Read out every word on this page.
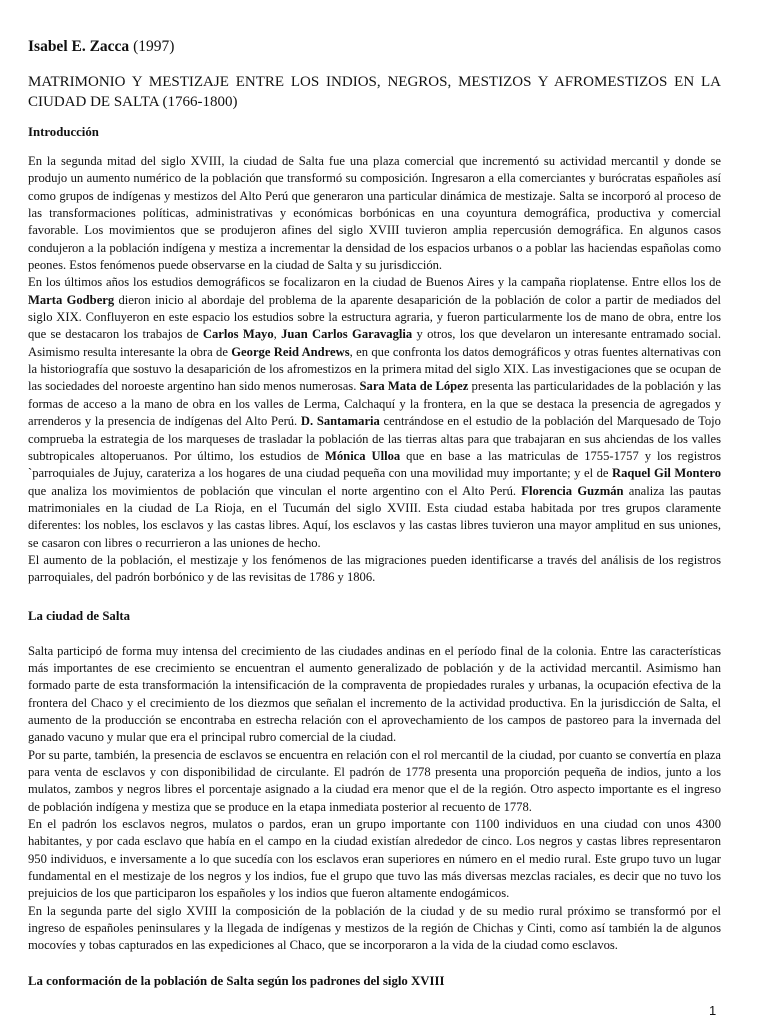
Isabel E. Zacca (1997)
MATRIMONIO Y MESTIZAJE ENTRE LOS INDIOS, NEGROS, MESTIZOS Y AFROMESTIZOS EN LA CIUDAD DE SALTA (1766-1800)
Introducción

En la segunda mitad del siglo XVIII, la ciudad de Salta fue una plaza comercial que incrementó su actividad mercantil y donde se produjo un aumento numérico de la población que transformó su composición. Ingresaron a ella comerciantes y burócratas españoles así como grupos de indígenas y mestizos del Alto Perú que generaron una particular dinámica de mestizaje. Salta se incorporó al proceso de las transformaciones políticas, administrativas y económicas borbónicas en una coyuntura demográfica, productiva y comercial favorable. Los movimientos que se produjeron afines del siglo XVIII tuvieron amplia repercusión demográfica. En algunos casos condujeron a la población indígena y mestiza a incrementar la densidad de los espacios urbanos o a poblar las haciendas españolas como peones. Estos fenómenos puede observarse en la ciudad de Salta y su jurisdicción.

En los últimos años los estudios demográficos se focalizaron en la ciudad de Buenos Aires y la campaña rioplatense. Entre ellos los de Marta Godberg dieron inicio al abordaje del problema de la aparente desaparición de la población de color a partir de mediados del siglo XIX. Confluyeron en este espacio los estudios sobre la estructura agraria, y fueron particularmente los de mano de obra, entre los que se destacaron los trabajos de Carlos Mayo, Juan Carlos Garavaglia y otros, los que develaron un interesante entramado social. Asimismo resulta interesante la obra de George Reid Andrews, en que confronta los datos demográficos y otras fuentes alternativas con la historiografía que sostuvo la desaparición de los afromestizos en la primera mitad del siglo XIX. Las investigaciones que se ocupan de las sociedades del noroeste argentino han sido menos numerosas. Sara Mata de López presenta las particularidades de la población y las formas de acceso a la mano de obra en los valles de Lerma, Calchaquí y la frontera, en la que se destaca la presencia de agregados y arrenderos y la presencia de indígenas del Alto Perú. D. Santamaria centrándose en el estudio de la población del Marquesado de Tojo comprueba la estrategia de los marqueses de trasladar la población de las tierras altas para que trabajaran en sus ahciendas de los valles subtropicales altoperuanos. Por último, los estudios de Mónica Ulloa que en base a las matriculas de 1755-1757 y los registros `parroquiales de Jujuy, carateriza a los hogares de una ciudad pequeña con una movilidad muy importante; y el de Raquel Gil Montero que analiza los movimientos de población que vinculan el norte argentino con el Alto Perú. Florencia Guzmán analiza las pautas matrimoniales en la ciudad de La Rioja, en el Tucumán del siglo XVIII. Esta ciudad estaba habitada por tres grupos claramente diferentes: los nobles, los esclavos y las castas libres. Aquí, los esclavos y las castas libres tuvieron una mayor amplitud en sus uniones, se casaron con libres o recurrieron a las uniones de hecho.

El aumento de la población, el mestizaje y los fenómenos de las migraciones pueden identificarse a través del análisis de los registros parroquiales, del padrón borbónico y de las revisitas de 1786 y 1806.

La ciudad de Salta

Salta participó de forma muy intensa del crecimiento de las ciudades andinas en el período final de la colonia. Entre las características más importantes de ese crecimiento se encuentran el aumento generalizado de población y de la actividad mercantil. Asimismo han formado parte de esta transformación la intensificación de la compraventa de propiedades rurales y urbanas, la ocupación efectiva de la frontera del Chaco y el crecimiento de los diezmos que señalan el incremento de la actividad productiva. En la jurisdicción de Salta, el aumento de la producción se encontraba en estrecha relación con el aprovechamiento de los campos de pastoreo para la invernada del ganado vacuno y mular que era el principal rubro comercial de la ciudad.

Por su parte, también, la presencia de esclavos se encuentra en relación con el rol mercantil de la ciudad, por cuanto se convertía en plaza para venta de esclavos y con disponibilidad de circulante. El padrón de 1778 presenta una proporción pequeña de indios, junto a los mulatos, zambos y negros libres el porcentaje asignado a la ciudad era menor que el de la región. Otro aspecto importante es el ingreso de población indígena y mestiza que se produce en la etapa inmediata posterior al recuento de 1778.

En el padrón los esclavos negros, mulatos o pardos, eran un grupo importante con 1100 individuos en una ciudad con unos 4300 habitantes, y por cada esclavo que había en el campo en la ciudad existían alrededor de cinco. Los negros y castas libres representaron 950 individuos, e inversamente a lo que sucedía con los esclavos eran superiores en número en el medio rural. Este grupo tuvo un lugar fundamental en el mestizaje de los negros y los indios, fue el grupo que tuvo las más diversas mezclas raciales, es decir que no tuvo los prejuicios de los que participaron los españoles y los indios que fueron altamente endogámicos.

En la segunda parte del siglo XVIII la composición de la población de la ciudad y de su medio rural próximo se transformó por el ingreso de españoles peninsulares y la llegada de indígenas y mestizos de la región de Chichas y Cinti, como así también la de algunos mocovíes y tobas capturados en las expediciones al Chaco, que se incorporaron a la vida de la ciudad como esclavos.

La conformación de la población de Salta según los padrones del siglo XVIII
1
